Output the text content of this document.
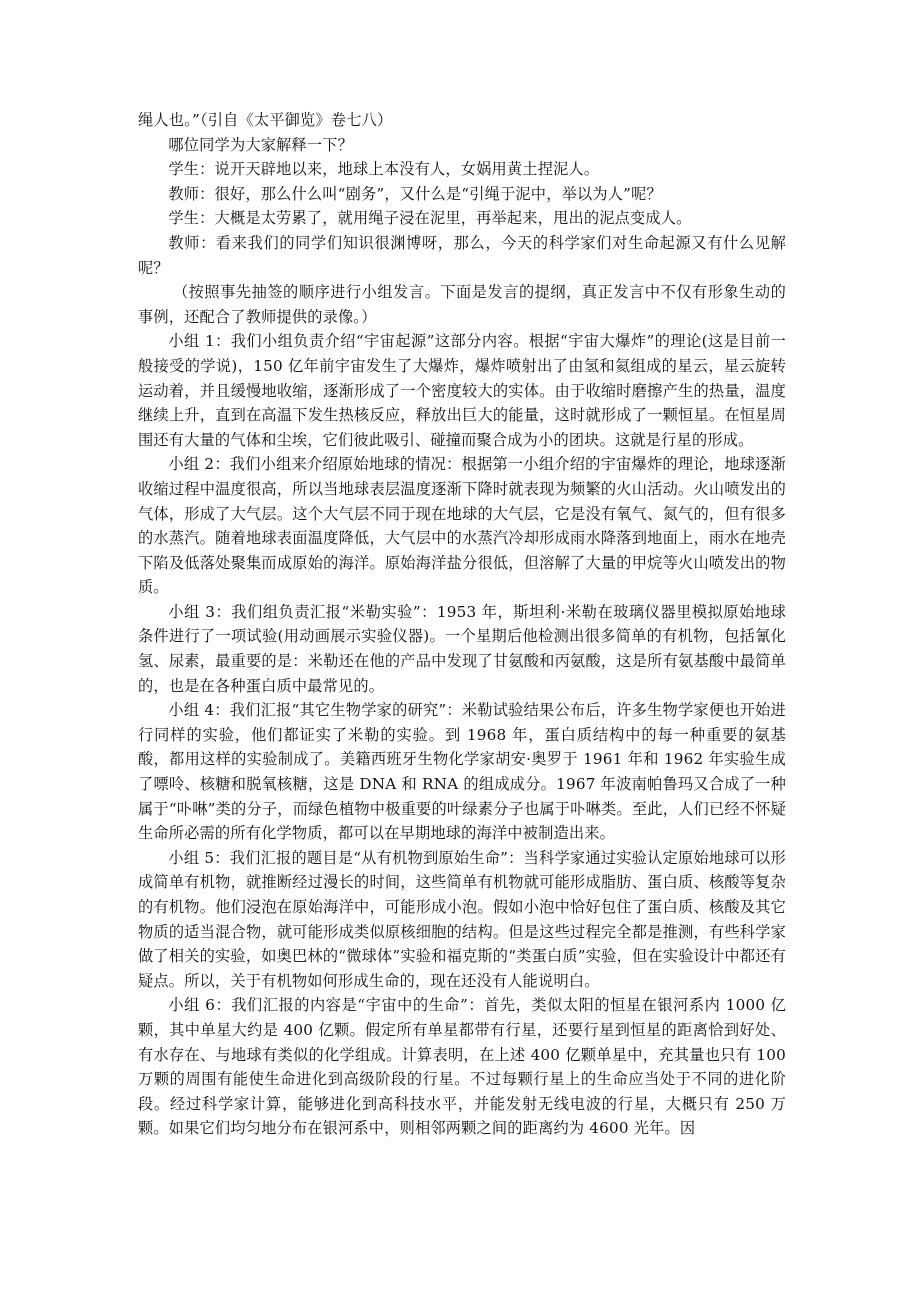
绳人也。”（引自《太平御览》卷七八）

哪位同学为大家解释一下？

学生：说开天辟地以来，地球上本没有人，女娲用黄土捏泥人。

教师：很好，那么什么叫“剧务”，又什么是“引绳于泥中，举以为人”呢？

学生：大概是太劳累了，就用绳子浸在泥里，再举起来，甩出的泥点变成人。

教师：看来我们的同学们知识很渊博呀，那么，今天的科学家们对生命起源又有什么见解呢？

（按照事先抽签的顺序进行小组发言。下面是发言的提纲，真正发言中不仅有形象生动的事例，还配合了教师提供的录像。）

小组 1：我们小组负责介绍“宇宙起源”这部分内容。根据“宇宙大爆炸”的理论(这是目前一般接受的学说)，150 亿年前宇宙发生了大爆炸，爆炸喷射出了由氢和氦组成的星云，星云旋转运动着，并且缓慢地收缩，逐渐形成了一个密度较大的实体。由于收缩时磨擦产生的热量，温度继续上升，直到在高温下发生热核反应，释放出巨大的能量，这时就形成了一颗恒星。在恒星周围还有大量的气体和尘埃，它们彼此吸引、碰撞而聚合成为小的团块。这就是行星的形成。

小组 2：我们小组来介绍原始地球的情况：根据第一小组介绍的宇宙爆炸的理论，地球逐渐收缩过程中温度很高，所以当地球表层温度逐渐下降时就表现为频繁的火山活动。火山喷发出的气体，形成了大气层。这个大气层不同于现在地球的大气层，它是没有氧气、氮气的，但有很多的水蒸汽。随着地球表面温度降低，大气层中的水蒸汽冷却形成雨水降落到地面上，雨水在地壳下陷及低落处聚集而成原始的海洋。原始海洋盐分很低，但溶解了大量的甲烷等火山喷发出的物质。

小组 3：我们组负责汇报“米勒实验”：1953 年，斯坦利·米勒在玻璃仪器里模拟原始地球条件进行了一项试验(用动画展示实验仪器)。一个星期后他检测出很多简单的有机物，包括氰化氢、尿素，最重要的是：米勒还在他的产品中发现了甘氨酸和丙氨酸，这是所有氨基酸中最简单的，也是在各种蛋白质中最常见的。

小组 4：我们汇报“其它生物学家的研究”：米勒试验结果公布后，许多生物学家便也开始进行同样的实验，他们都证实了米勒的实验。到 1968 年，蛋白质结构中的每一种重要的氨基酸，都用这样的实验制成了。美籍西班牙生物化学家胡安·奥罗于 1961 年和 1962 年实验生成了嘌呤、核糖和脱氧核糖，这是 DNA 和 RNA 的组成成分。1967 年波南帕鲁玛又合成了一种属于“卟啉”类的分子，而绿色植物中极重要的叶绿素分子也属于卟啉类。至此，人们已经不怀疑生命所必需的所有化学物质，都可以在早期地球的海洋中被制造出来。

小组 5：我们汇报的题目是“从有机物到原始生命”：当科学家通过实验认定原始地球可以形成简单有机物，就推断经过漫长的时间，这些简单有机物就可能形成脂肪、蛋白质、核酸等复杂的有机物。他们浸泡在原始海洋中，可能形成小泡。假如小泡中恰好包住了蛋白质、核酸及其它物质的适当混合物，就可能形成类似原核细胞的结构。但是这些过程完全都是推测，有些科学家做了相关的实验，如奥巴林的“微球体”实验和福克斯的“类蛋白质”实验，但在实验设计中都还有疑点。所以，关于有机物如何形成生命的，现在还没有人能说明白。

小组 6：我们汇报的内容是“宇宙中的生命”：首先，类似太阳的恒星在银河系内 1000 亿颗，其中单星大约是 400 亿颗。假定所有单星都带有行星，还要行星到恒星的距离恰到好处、有水存在、与地球有类似的化学组成。计算表明，在上述 400 亿颗单星中，充其量也只有 100 万颗的周围有能使生命进化到高级阶段的行星。不过每颗行星上的生命应当处于不同的进化阶段。经过科学家计算，能够进化到高科技水平，并能发射无线电波的行星，大概只有 250 万颗。如果它们均匀地分布在银河系中，则相邻两颗之间的距离约为 4600 光年。因
